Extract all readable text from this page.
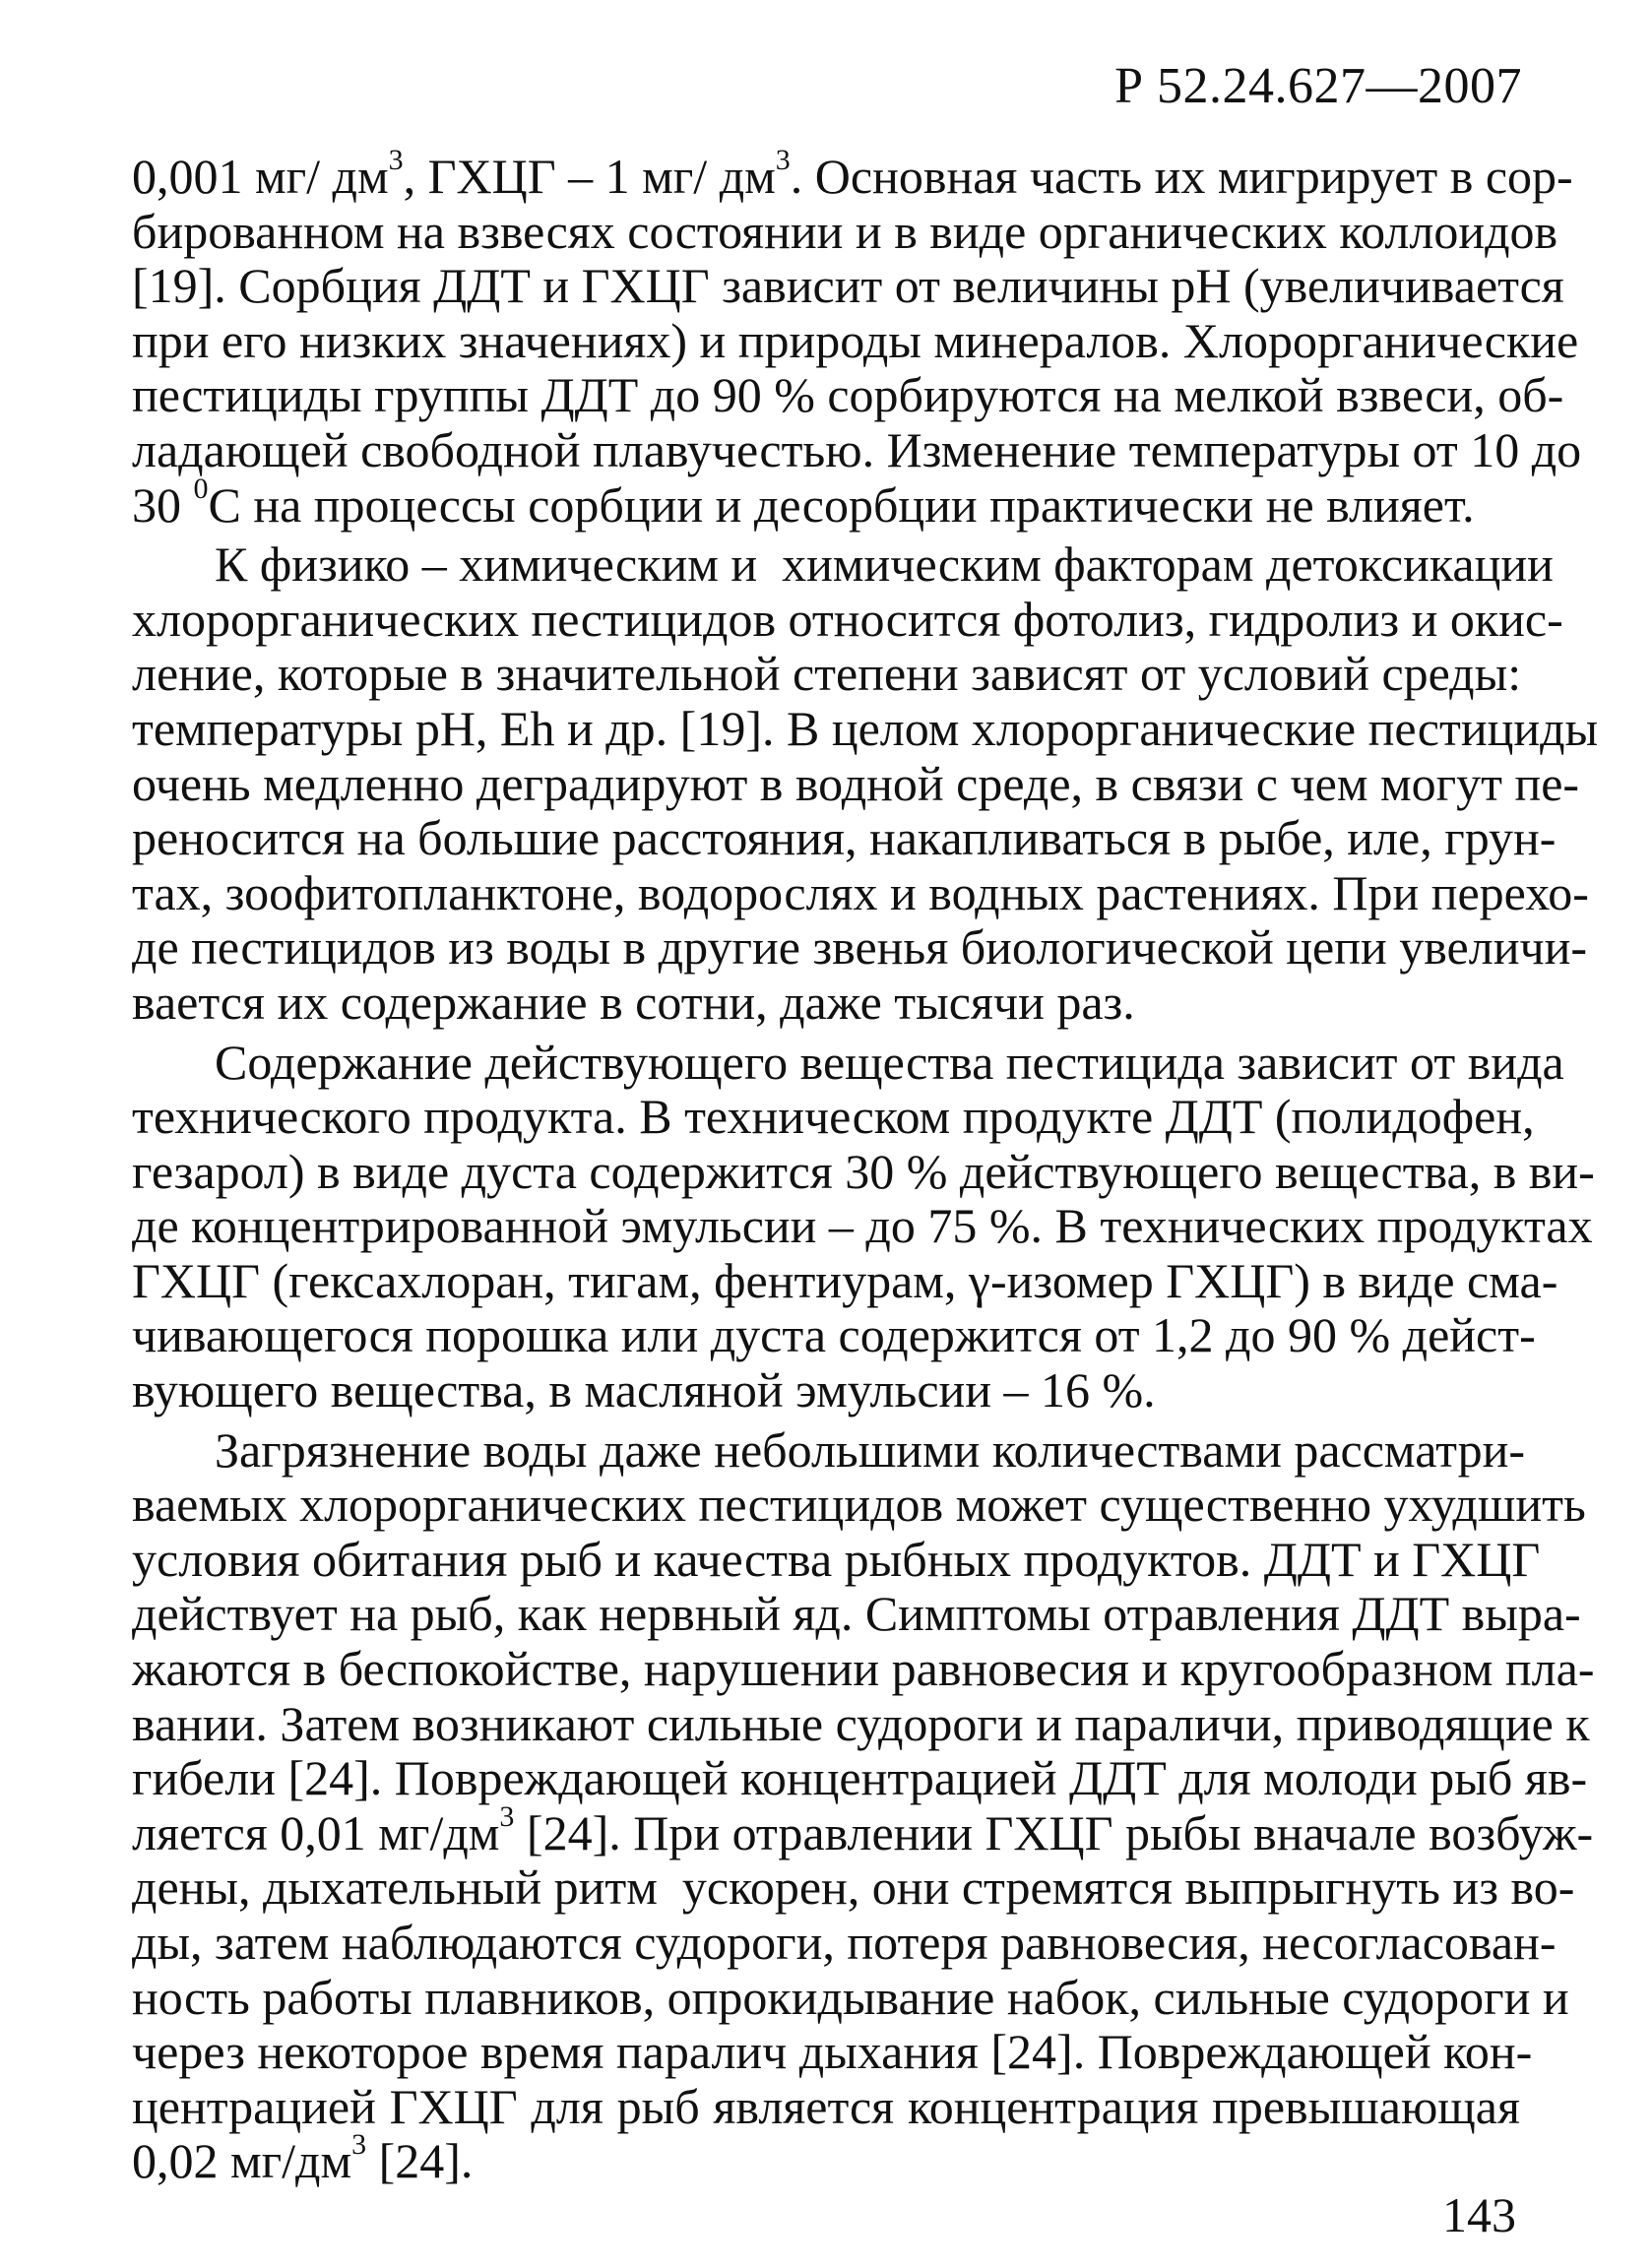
Р 52.24.627—2007
0,001 мг/ $дм^3$, ГХЦГ – 1 мг/ $дм^3$. Основная часть их мигрирует в сор-
бированном на взвесях состоянии и в виде органических коллоидов
[19]. Сорбция ДДТ и ГХЦГ зависит от величины pH (увеличивается
при его низких значениях) и природы минералов. Хлорорганические
пестициды группы ДДТ до 90 % сорбируются на мелкой взвеси, об-
ладающей свободной плавучестью. Изменение температуры от 10 до
30 $^0$С на процессы сорбции и десорбции практически не влияет.
К физико – химическим и  химическим факторам детоксикации
хлорорганических пестицидов относится фотолиз, гидролиз и окис-
ление, которые в значительной степени зависят от условий среды:
температуры pH, Eh и др. [19]. В целом хлорорганические пестициды
очень медленно деградируют в водной среде, в связи с чем могут пе-
реноситcя на большие расстояния, накапливаться в рыбе, иле, грун-
тах, зоофитопланктоне, водорослях и водных растениях. При перехо-
де пестицидов из воды в другие звенья биологической цепи увеличи-
вается их содержание в сотни, даже тысячи раз.
Содержание действующего вещества пестицида зависит от вида
технического продукта. В техническом продукте ДДТ (полидофен,
гезарол) в виде дуста содержится 30 % действующего вещества, в ви-
де концентрированной эмульсии – до 75 %. В технических продуктах
ГХЦГ (гексахлоран, тигам, фентиурам, γ-изомер ГХЦГ) в виде сма-
чивающегося порошка или дуста содержится от 1,2 до 90 % дейст-
вующего вещества, в масляной эмульсии – 16 %.
Загрязнение воды даже небольшими количествами рассматри-
ваемых хлорорганических пестицидов может существенно ухудшить
условия обитания рыб и качества рыбных продуктов. ДДТ и ГХЦГ
действует на рыб, как нервный яд. Симптомы отравления ДДТ выра-
жаются в беспокойстве, нарушении равновесия и кругообразном пла-
вании. Затем возникают сильные судороги и параличи, приводящие к
гибели [24]. Повреждающей концентрацией ДДТ для молоди рыб яв-
ляется 0,01 $мг/дм^3$ [24]. При отравлении ГХЦГ рыбы вначале возбуж-
дены, дыхательный ритм  ускорен, они стремятся выпрыгнуть из во-
ды, затем наблюдаются судороги, потеря равновесия, несогласован-
ность работы плавников, опрокидывание набок, сильные судороги и
через некоторое время паралич дыхания [24]. Повреждающей кон-
центрацией ГХЦГ для рыб является концентрация превышающая
0,02 $мг/дм^3$ [24].
143
